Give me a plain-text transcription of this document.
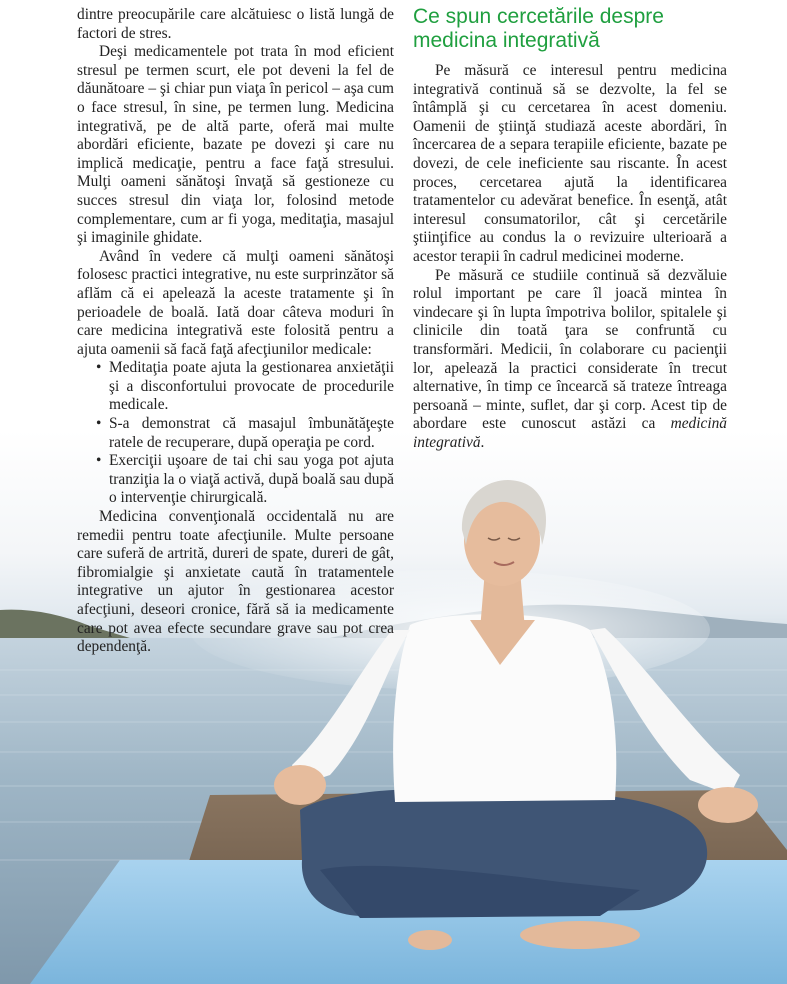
dintre preocupările care alcătuiesc o listă lungă de factori de stres.

Deşi medicamentele pot trata în mod eficient stresul pe termen scurt, ele pot deveni la fel de dăunătoare – şi chiar pun viaţa în pericol – aşa cum o face stresul, în sine, pe termen lung. Medicina integrativă, pe de altă parte, oferă mai multe abordări eficiente, bazate pe dovezi şi care nu implică medicaţie, pentru a face faţă stresului. Mulţi oameni sănătoşi învaţă să gestioneze cu succes stresul din viaţa lor, folosind metode complementare, cum ar fi yoga, meditaţia, masajul şi imaginile ghidate.

Având în vedere că mulţi oameni sănătoşi folosesc practici integrative, nu este surprinzător să aflăm că ei apelează la aceste tratamente şi în perioadele de boală. Iată doar câteva moduri în care medicina integrativă este folosită pentru a ajuta oamenii să facă faţă afecţiunilor medicale:

• Meditaţia poate ajuta la gestionarea anxietăţii şi a disconfortului provocate de procedurile medicale.
• S-a demonstrat că masajul îmbunătăţeşte ratele de recuperare, după operaţia pe cord.
• Exerciţii uşoare de tai chi sau yoga pot ajuta tranziţia la o viaţă activă, după boală sau după o intervenţie chirurgicală.

Medicina convenţională occidentală nu are remedii pentru toate afecţiunile. Multe persoane care suferă de artrită, dureri de spate, dureri de gât, fibromialgie şi anxietate caută în tratamentele integrative un ajutor în gestionarea acestor afecţiuni, deseori cronice, fără să ia medicamente care pot avea efecte secundare grave sau pot crea dependenţă.

Ce spun cercetările despre medicina integrativă

Pe măsură ce interesul pentru medicina integrativă continuă să se dezvolte, la fel se întâmplă şi cu cercetarea în acest domeniu. Oamenii de ştiinţă studiază aceste abordări, în încercarea de a separa terapiile eficiente, bazate pe dovezi, de cele ineficiente sau riscante. În acest proces, cercetarea ajută la identificarea tratamentelor cu adevărat benefice. În esenţă, atât interesul consumatorilor, cât şi cercetările ştiinţifice au condus la o revizuire ulterioară a acestor terapii în cadrul medicinei moderne.

Pe măsură ce studiile continuă să dezvăluie rolul important pe care îl joacă mintea în vindecare şi în lupta împotriva bolilor, spitalele şi clinicile din toată ţara se confruntă cu transformări. Medicii, în colaborare cu pacienţii lor, apelează la practici considerate în trecut alternative, în timp ce încearcă să trateze întreaga persoană – minte, suflet, dar şi corp. Acest tip de abordare este cunoscut astăzi ca medicină integrativă.
